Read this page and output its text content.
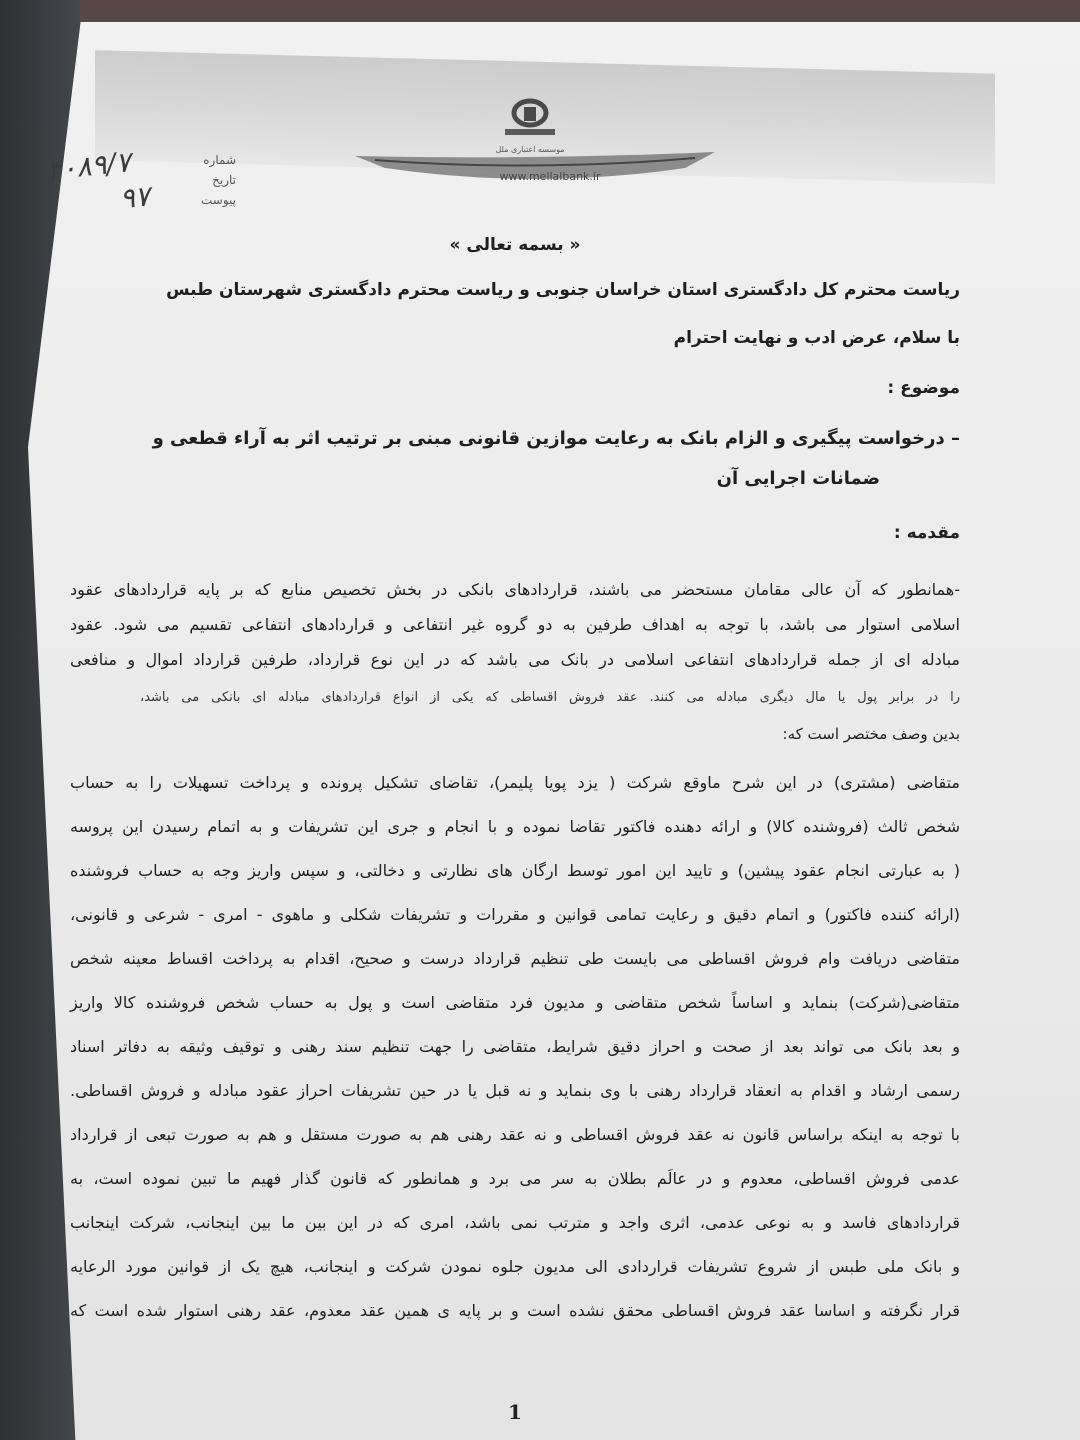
موسسه اعتباری ملل
www.mellalbank.ir
۴۰۸۹/۷
۹۷
شماره
تاریخ
پیوست
« بسمه تعالی »
ریاست محترم کل دادگستری استان خراسان جنوبی و ریاست محترم دادگستری شهرستان طبس
با سلام، عرض ادب و نهایت احترام
موضوع :
– درخواست پیگیری و الزام بانک به رعایت موازین قانونی مبنی بر ترتیب اثر به آراء قطعی و
ضمانات اجرایی آن
مقدمه :
-همانطور که آن عالی مقامان مستحضر می باشند، قراردادهای بانکی در بخش تخصیص منابع که بر پایه قراردادهای عقود
اسلامی استوار می باشد، با توجه به اهداف طرفین به دو گروه غیر انتفاعی و قراردادهای انتفاعی تقسیم می شود. عقود
مبادله ای از جمله قراردادهای انتفاعی اسلامی در بانک می باشد که در این نوع قرارداد، طرفین قرارداد اموال و منافعی
را در برابر پول یا مال دیگری مبادله می کنند. عقد فروش اقساطی که یکی از انواع قراردادهای مبادله ای بانکی می باشد،
بدین وصف مختصر است که:
متقاضی (مشتری) در این شرح ماوقع شرکت ( یزد پویا پلیمر)، تقاضای تشکیل پرونده و پرداخت تسهیلات را به حساب
شخص ثالث (فروشنده کالا) و ارائه دهنده فاکتور تقاضا نموده و با انجام و جری این تشریفات و به اتمام رسیدن این پروسه
( به عبارتی انجام عقود پیشین) و تایید این امور توسط ارگان های نظارتی و دخالتی، و سپس واریز وجه به حساب فروشنده
(ارائه کننده فاکتور) و اتمام دقیق و رعایت تمامی قوانین و مقررات و تشریفات شکلی و ماهوی - امری - شرعی و قانونی،
متقاضی دریافت وام فروش اقساطی می بایست طی تنظیم قرارداد درست و صحیح، اقدام به پرداخت اقساط معینه شخص
متقاضی(شرکت) بنماید و اساساً شخص متقاضی و مدیون فرد متقاضی است و پول به حساب شخص فروشنده کالا واریز
و بعد بانک می تواند بعد از صحت و احراز دقیق شرایط، متقاضی را جهت تنظیم سند رهنی و توقیف وثیقه به دفاتر اسناد
رسمی ارشاد و اقدام به انعقاد قرارداد رهنی با وی بنماید و نه قبل یا در حین تشریفات احراز عقود مبادله و فروش اقساطی.
با توجه به اینکه براساس قانون نه عقد فروش اقساطی و نه عقد رهنی هم به صورت مستقل و هم به صورت تبعی از قرارداد
عدمی فروش اقساطی، معدوم و در عالَم بطلان به سر می برد و همانطور که قانون گذار فهیم ما تبین نموده است، به
قراردادهای فاسد و به نوعی عدمی، اثری واجد و مترتب نمی باشد، امری که در این بین ما بین اینجانب، شرکت اینجانب
و بانک ملی طبس از شروع تشریفات قراردادی الی مدیون جلوه نمودن شرکت و اینجانب، هیچ یک از قوانین مورد الرعایه
قرار نگرفته و اساسا عقد فروش اقساطی محقق نشده است و بر پایه ی همین عقد معدوم، عقد رهنی استوار شده است که
1
